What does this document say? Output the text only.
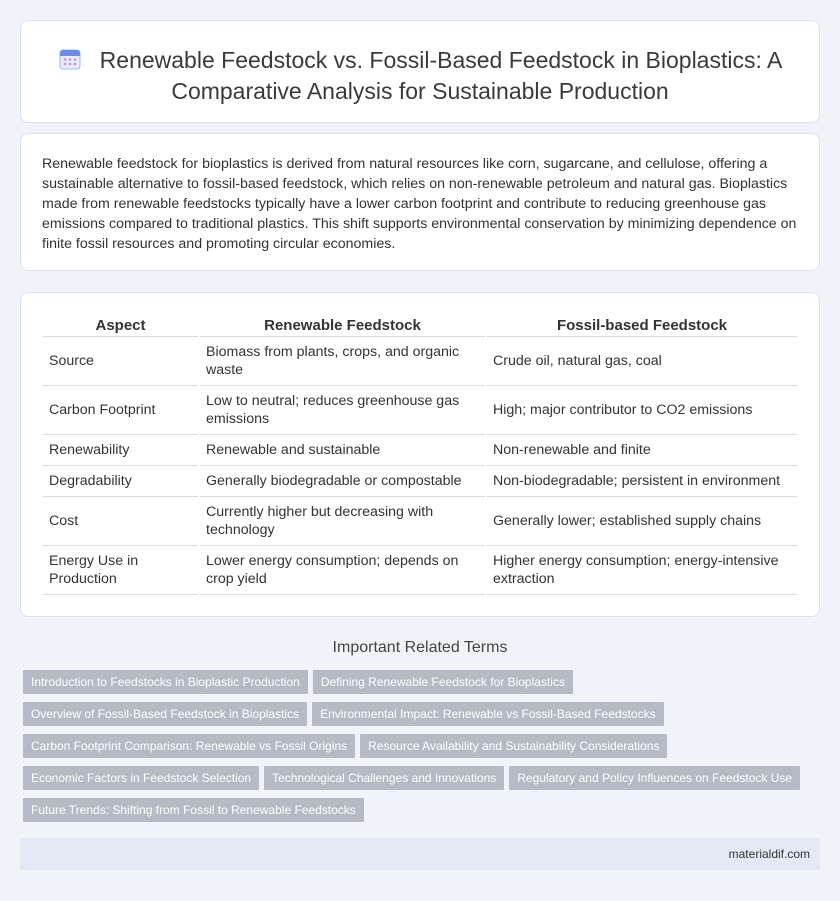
Renewable Feedstock vs. Fossil-Based Feedstock in Bioplastics: A
Comparative Analysis for Sustainable Production

Renewable feedstock for bioplastics is derived from natural resources like corn, sugarcane, and cellulose, offering a sustainable alternative to fossil-based feedstock, which relies on non-renewable petroleum and natural gas. Bioplastics made from renewable feedstocks typically have a lower carbon footprint and contribute to reducing greenhouse gas emissions compared to traditional plastics. This shift supports environmental conservation by minimizing dependence on finite fossil resources and promoting circular economies.

Aspect	Renewable Feedstock	Fossil-based Feedstock
Source	Biomass from plants, crops, and organic waste	Crude oil, natural gas, coal
Carbon Footprint	Low to neutral; reduces greenhouse gas emissions	High; major contributor to CO2 emissions
Renewability	Renewable and sustainable	Non-renewable and finite
Degradability	Generally biodegradable or compostable	Non-biodegradable; persistent in environment
Cost	Currently higher but decreasing with technology	Generally lower; established supply chains
Energy Use in Production	Lower energy consumption; depends on crop yield	Higher energy consumption; energy-intensive extraction
Important Related Terms
Introduction to Feedstocks in Bioplastic Production Defining Renewable Feedstock for Bioplastics
Overview of Fossil-Based Feedstock in Bioplastics Environmental Impact: Renewable vs Fossil-Based Feedstocks
Carbon Footprint Comparison: Renewable vs Fossil Origins Resource Availability and Sustainability Considerations
Economic Factors in Feedstock Selection Technological Challenges and Innovations Regulatory and Policy Influences on Feedstock Use
Future Trends: Shifting from Fossil to Renewable Feedstocks
materialdif.com
